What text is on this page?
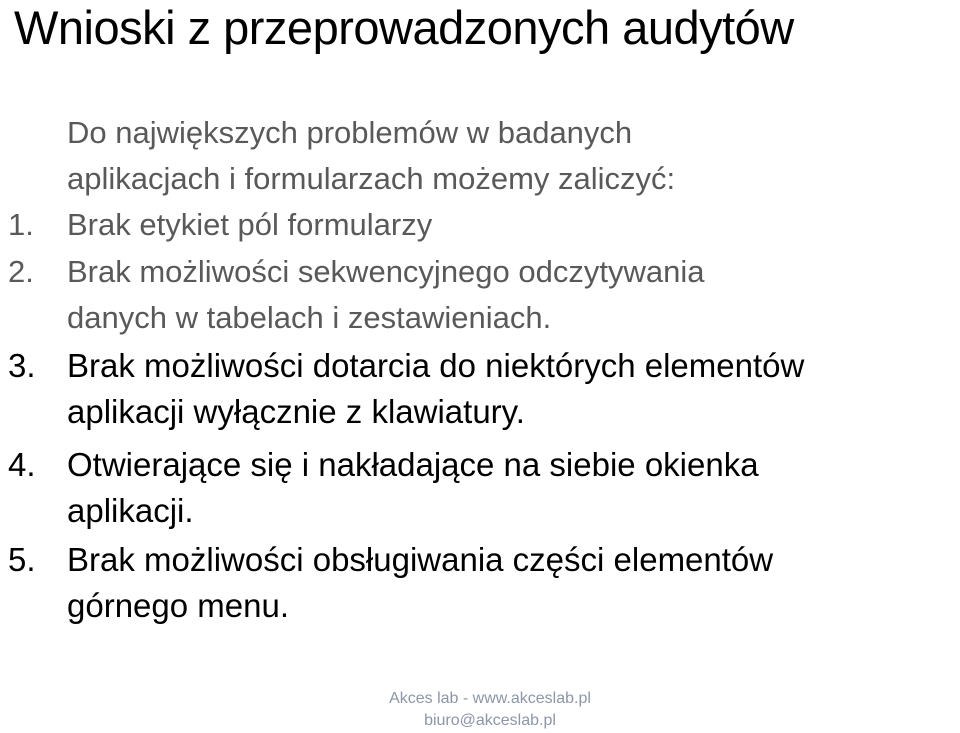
Wnioski z przeprowadzonych audytów
Do największych problemów w badanych
aplikacjach i formularzach możemy zaliczyć:
1. Brak etykiet pól formularzy
2. Brak możliwości sekwencyjnego odczytywania
danych w tabelach i zestawieniach.
3. Brak możliwości dotarcia do niektórych elementów
aplikacji wyłącznie z klawiatury.
4. Otwierające się i nakładające na siebie okienka
aplikacji.
5. Brak możliwości obsługiwania części elementów
górnego menu.
Akces lab - www.akceslab.pl
biuro@akceslab.pl
